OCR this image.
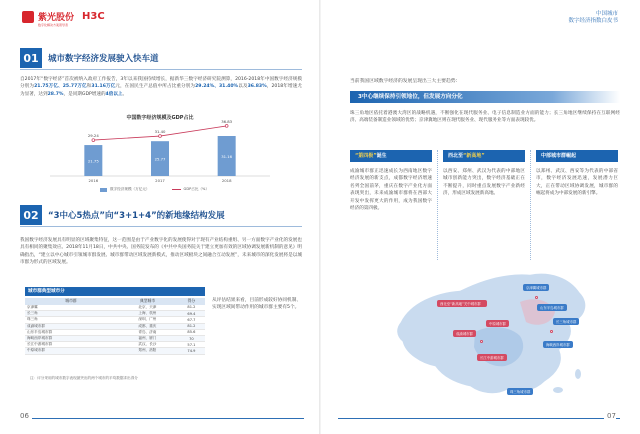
紫光股份 H3C
数字化解决方案领导者
01	城市数字经济发展驶入快车道
自2017年“数字经济”首次被纳入政府工作报告，3年以来我国持续增长，据新华三数字经济研究院测算，2016-2018年中国数字经济规模分别为21.75万亿、25.77万亿和31.16万亿元，在国民生产总值中所占比重分别为29.24%、31.40%以及36.83%，2018年增速尤为显著，达到28.7%，是同期GDP增速的4倍以上。
中国数字经济规模及GDP占比
21.75
2016
25.77
2017
31.16
2018
29.24
31.40
36.83
数字经济规模（万亿元）	GDP占比（%）
02	“3中心5热点”向“3+1+4”的新地缘结构发展
我国数字经济发展具有明显的区域聚集特征，这一范围是由于产业数字化的发展使得对于现有产业结构重组、另一方面数字产业化的发展也具有相同的聚集效应。2018年11月18日，中共中央、国务院发布的《中共中央国务院关于建立更加有效的区域协调发展新机制的意见》明确指出，“建立以中心城市引领城市群发展、城市群带动区域发展新模式，推动区域板块之间融合互动发展”，未来城市的深化发展将是以城市群为形式的区域发展。
城市群典型城市分
城市群	典型城市	得分
京津冀	北京、天津	81.2
长三角	上海、杭州	69.4
珠三角	深圳、广州	67.7
成渝城市群	成都、重庆	81.2
山东半岛城市群	青岛、济南	85.6
海峡西岸城市群	福州、厦门	70
长江中游城市群	武汉、长沙	57.1
中原城市群	郑州、洛阳	74.9
注：评分采用的城市数字表现最突出的两个城市的平均数据求出得分
从评估结果来看，目前形成较好协同机制、实现区域间带动作用的城市群主要有5个。
06
中国城市
数字经济指数白皮书
当前我国区域数字经济的发展呈现出三大主要趋势：
3中心继续保持引领地位，但发展方向分化
珠三角地区依托着港澳大湾区的战略机遇，不断强化在现代服务业、电子信息制造业方面的能力；长三角地区继续保持在互联网经济、高端装备制造业领域的优势；京津冀地区则在现代服务业、现代服务业等方面表现较优。
“第四极”诞生
成渝城市群正迅速成长为西南地区数字经济发展的新支点，成都数字经济增速名列全国前茅，重庆在数字产业化方面表现突出，未来成渝城市群将在西部大开发中发挥更大的作用，成为我国数字经济的第四极。
西北至“新高地”
以西安、郑州、武汉为代表的中部地区城市创新能力突出，数字经济基础正在不断提升，同时重点发展数字产业新经济，形成区域发展新高地。
中部城市群崛起
以郑州、武汉、西安等为代表的中部省市，数字经济发展迅速，发展潜力巨大，正在带动区域协调发展，城市群的崛起将成为中部发展的新引擎。
京津冀城市群
山东半岛城市群
长三角城市群
海峡西岸城市群
珠三角城市群
西北至“新高地”关中城市群
中原城市群
长江中游城市群
成渝城市群
07
